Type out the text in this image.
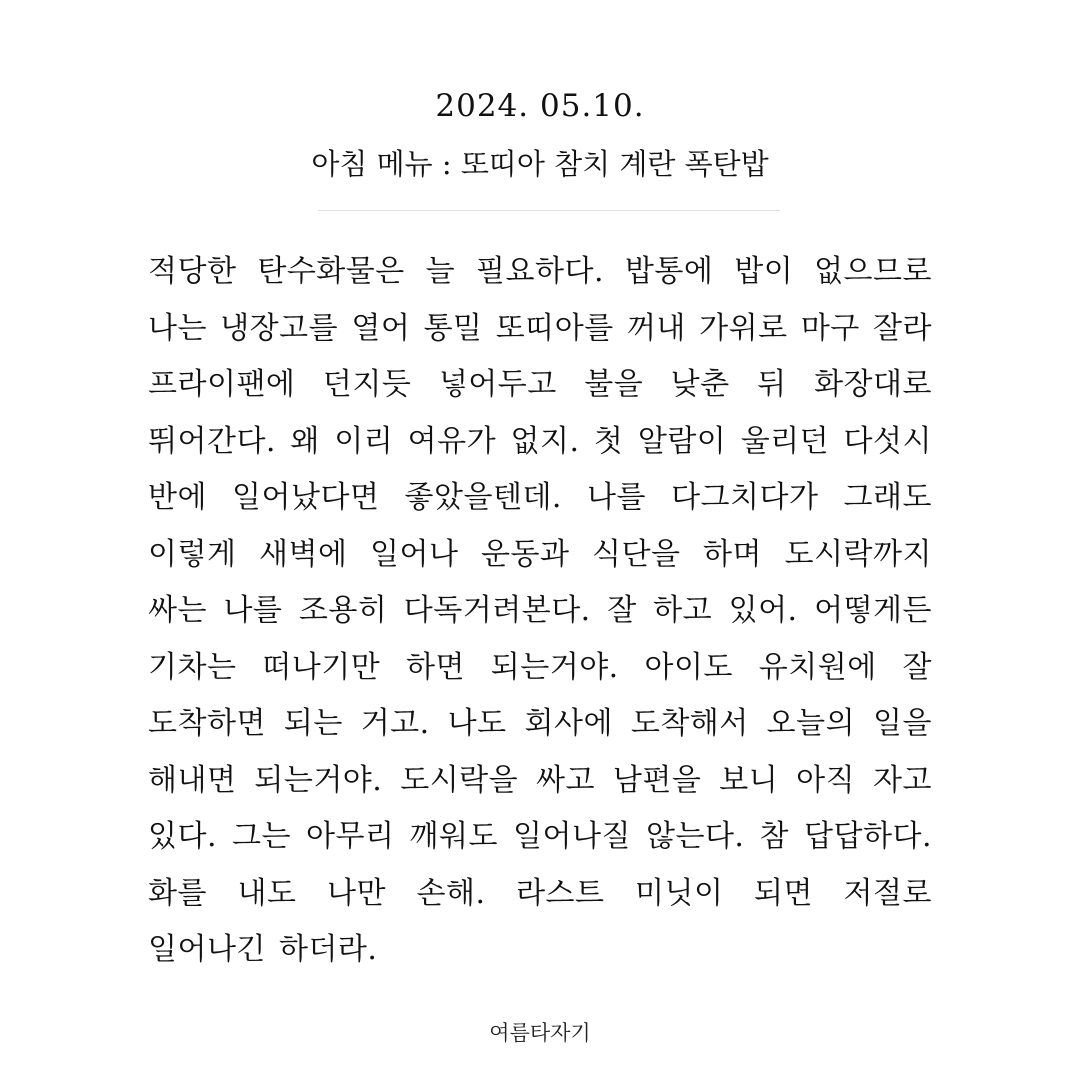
2024. 05.10.
아침 메뉴 : 또띠아 참치 계란 폭탄밥
적당한 탄수화물은 늘 필요하다. 밥통에 밥이 없으므로 나는 냉장고를 열어 통밀 또띠아를 꺼내 가위로 마구 잘라 프라이팬에 던지듯 넣어두고 불을 낮춘 뒤 화장대로 뛰어간다. 왜 이리 여유가 없지. 첫 알람이 울리던 다섯시 반에 일어났다면 좋았을텐데. 나를 다그치다가 그래도 이렇게 새벽에 일어나 운동과 식단을 하며 도시락까지 싸는 나를 조용히 다독거려본다. 잘 하고 있어. 어떻게든 기차는 떠나기만 하면 되는거야. 아이도 유치원에 잘 도착하면 되는 거고. 나도 회사에 도착해서 오늘의 일을 해내면 되는거야. 도시락을 싸고 남편을 보니 아직 자고 있다. 그는 아무리 깨워도 일어나질 않는다. 참 답답하다. 화를 내도 나만 손해. 라스트 미닛이 되면 저절로 일어나긴 하더라.
여름타자기
